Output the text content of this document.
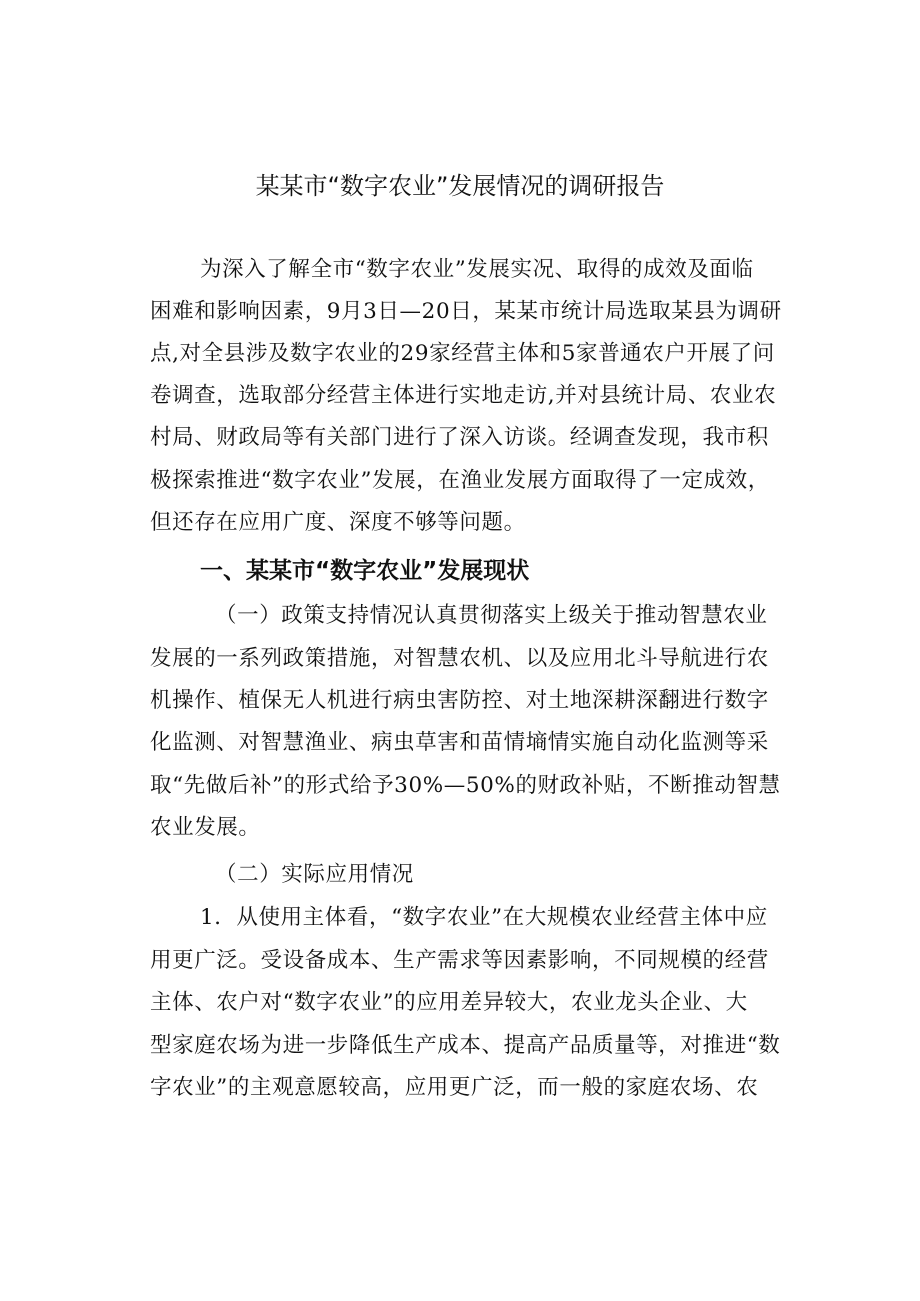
某某市“数字农业”发展情况的调研报告

为深入了解全市“数字农业”发展实况、取得的成效及面临

困难和影响因素，9月3日—20日，某某市统计局选取某县为调研

点,对全县涉及数字农业的29家经营主体和5家普通农户开展了问

卷调查，选取部分经营主体进行实地走访,并对县统计局、农业农

村局、财政局等有关部门进行了深入访谈。经调查发现，我市积

极探索推进“数字农业”发展，在渔业发展方面取得了一定成效，

但还存在应用广度、深度不够等问题。

一、某某市“数字农业”发展现状

（一）政策支持情况认真贯彻落实上级关于推动智慧农业

发展的一系列政策措施，对智慧农机、以及应用北斗导航进行农

机操作、植保无人机进行病虫害防控、对土地深耕深翻进行数字

化监测、对智慧渔业、病虫草害和苗情墒情实施自动化监测等采

取“先做后补”的形式给予30%—50%的财政补贴，不断推动智慧

农业发展。

（二）实际应用情况

1．从使用主体看，“数字农业”在大规模农业经营主体中应

用更广泛。受设备成本、生产需求等因素影响，不同规模的经营

主体、农户对“数字农业”的应用差异较大，农业龙头企业、大

型家庭农场为进一步降低生产成本、提高产品质量等，对推进“数

字农业”的主观意愿较高，应用更广泛，而一般的家庭农场、农
